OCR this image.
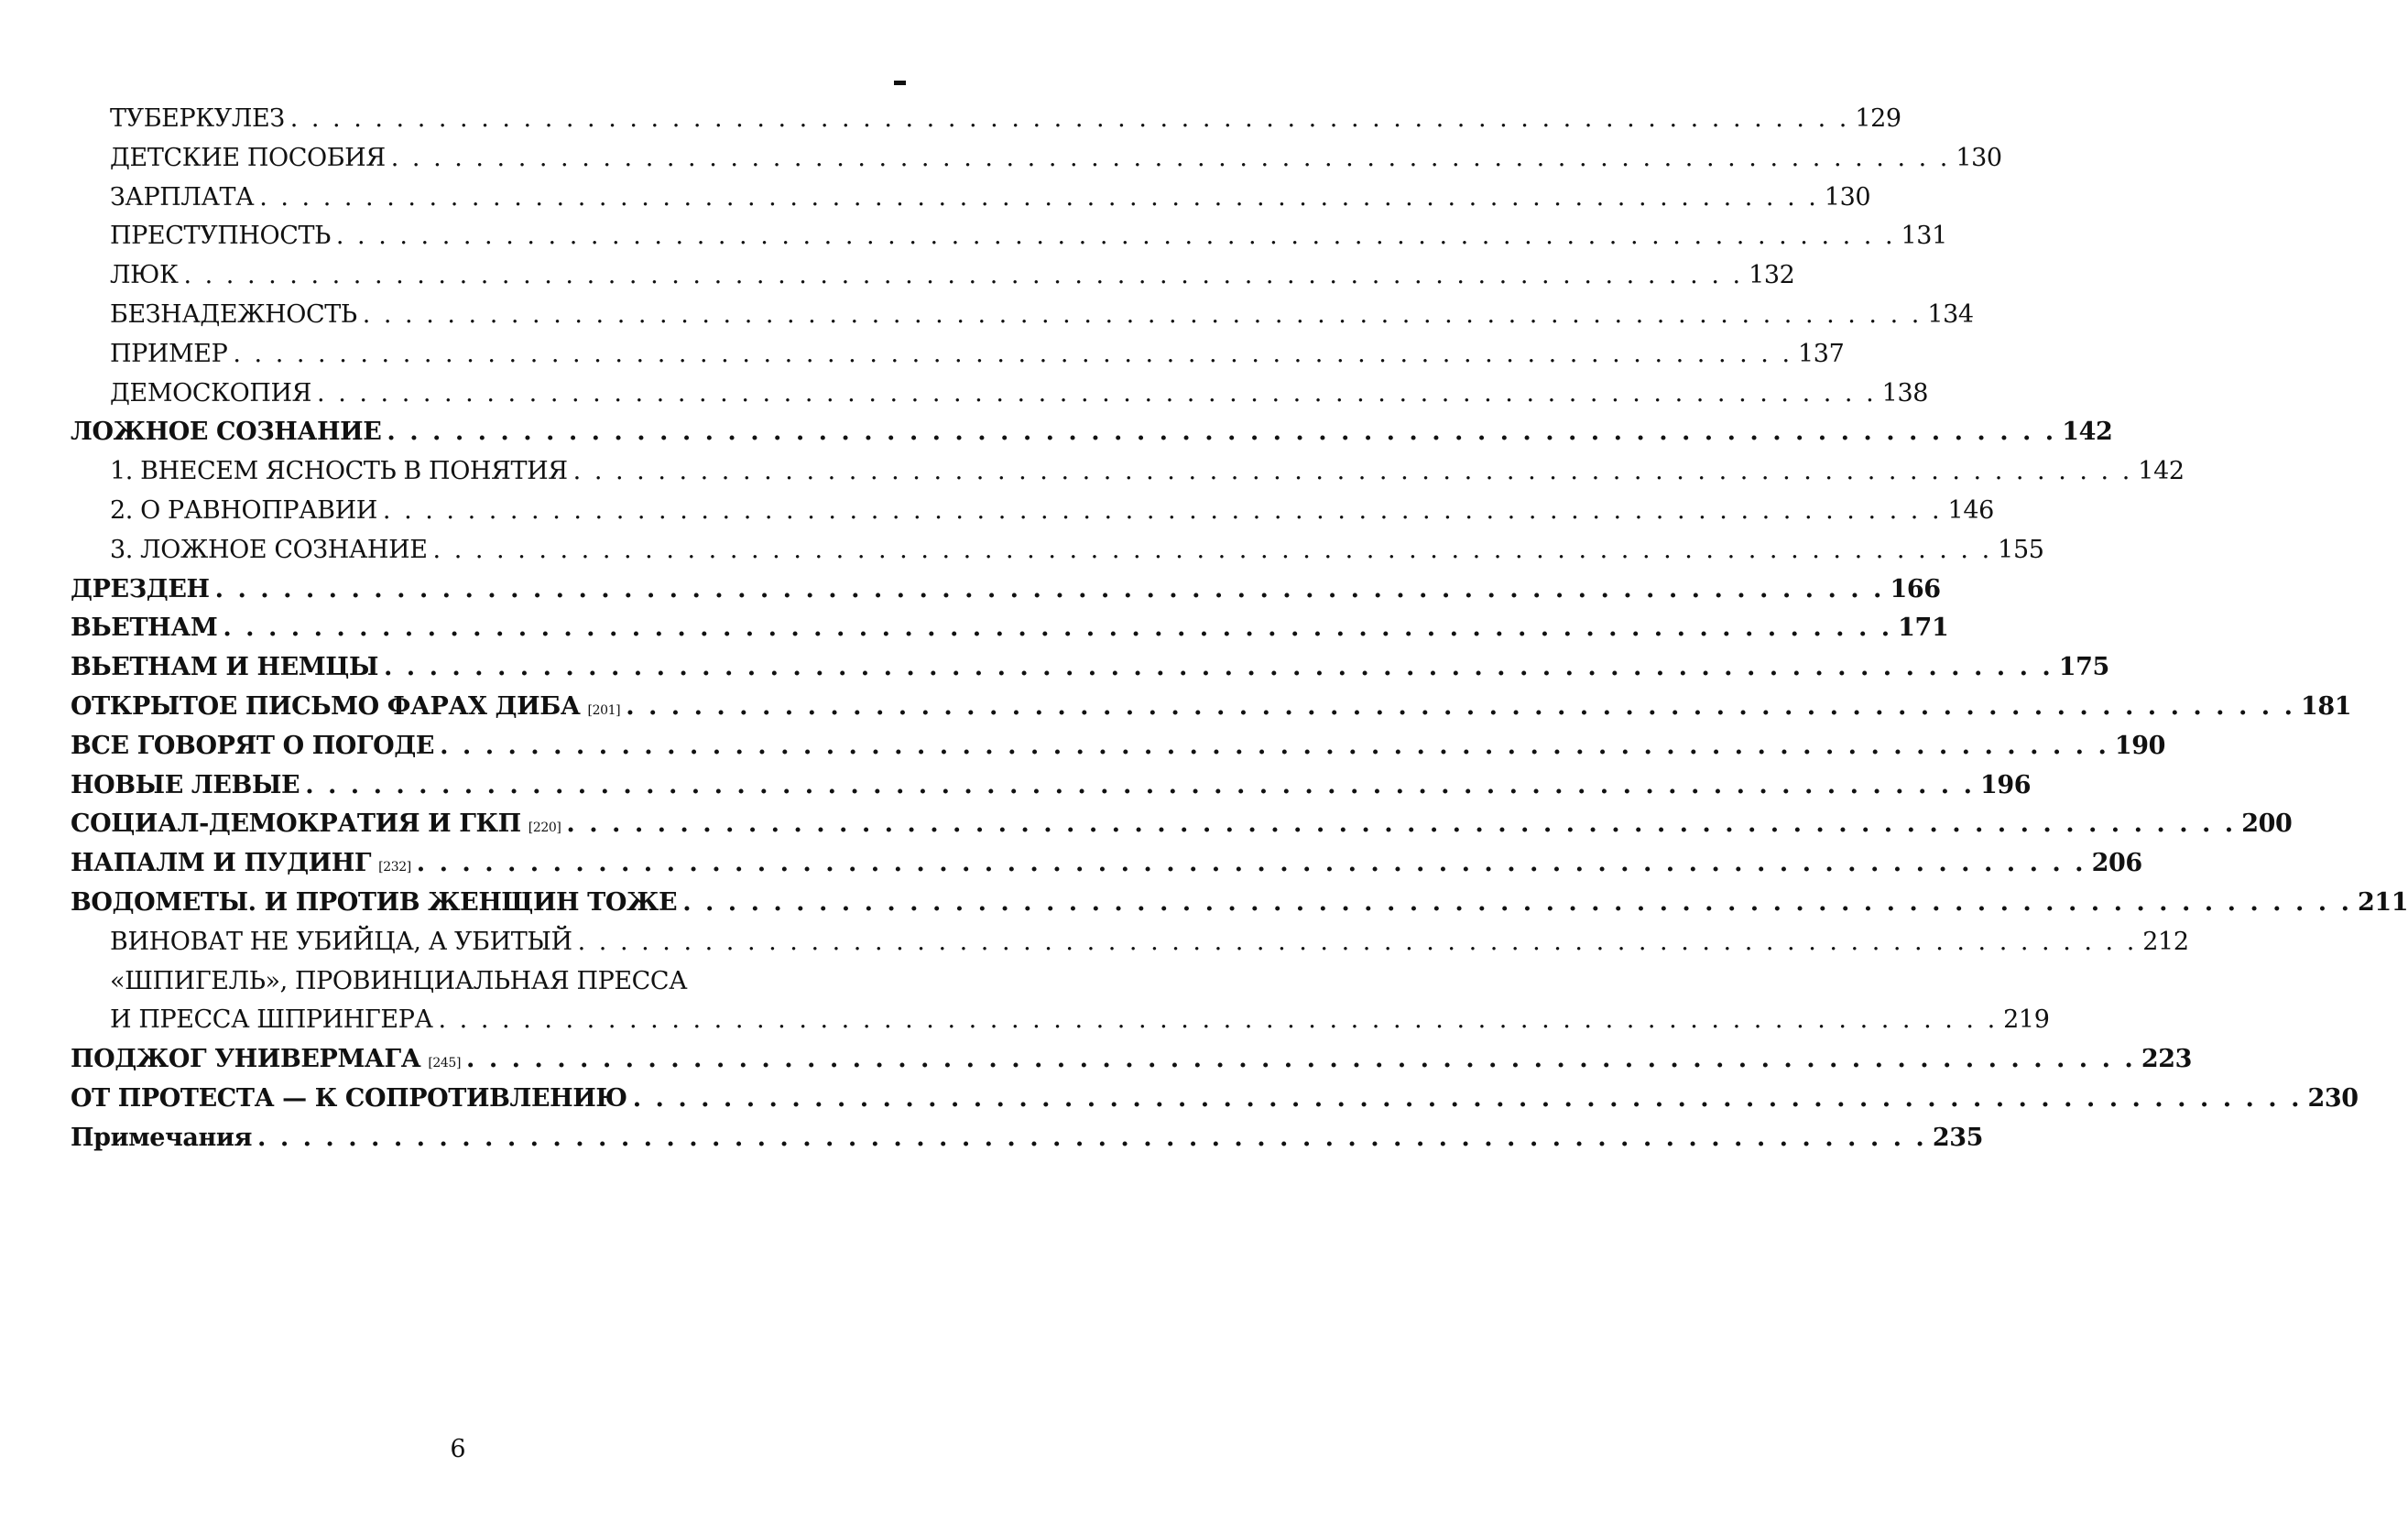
ТУБЕРКУЛЕЗ . . . . . . . . . . . . . . . . . . . . . . . . . . . . . . . . . . . . . . . . . . . . . . . . . . . . . . . . . . . . . . . . . . . . . . . . . . 129
ДЕТСКИЕ ПОСОБИЯ . . . . . . . . . . . . . . . . . . . . . . . . . . . . . . . . . . . . . . . . . . . . . . . . . . . . . . . . . . . . . . . . . . . . . . . . . . 130
ЗАРПЛАТА . . . . . . . . . . . . . . . . . . . . . . . . . . . . . . . . . . . . . . . . . . . . . . . . . . . . . . . . . . . . . . . . . . . . . . . . . . 130
ПРЕСТУПНОСТЬ . . . . . . . . . . . . . . . . . . . . . . . . . . . . . . . . . . . . . . . . . . . . . . . . . . . . . . . . . . . . . . . . . . . . . . . . . . 131
ЛЮК . . . . . . . . . . . . . . . . . . . . . . . . . . . . . . . . . . . . . . . . . . . . . . . . . . . . . . . . . . . . . . . . . . . . . . . . . . 132
БЕЗНАДЕЖНОСТЬ . . . . . . . . . . . . . . . . . . . . . . . . . . . . . . . . . . . . . . . . . . . . . . . . . . . . . . . . . . . . . . . . . . . . . . . . . . 134
ПРИМЕР . . . . . . . . . . . . . . . . . . . . . . . . . . . . . . . . . . . . . . . . . . . . . . . . . . . . . . . . . . . . . . . . . . . . . . . . . . 137
ДЕМОСКОПИЯ . . . . . . . . . . . . . . . . . . . . . . . . . . . . . . . . . . . . . . . . . . . . . . . . . . . . . . . . . . . . . . . . . . . . . . . . . . 138
ЛОЖНОЕ СОЗНАНИЕ . . . . . . . . . . . . . . . . . . . . . . . . . . . . . . . . . . . . . . . . . . . . . . . . . . . . . . . . . . . . . . . . . . . . . . . . . . 142
1. ВНЕСЕМ ЯСНОСТЬ В ПОНЯТИЯ . . . . . . . . . . . . . . . . . . . . . . . . . . . . . . . . . . . . . . . . . . . . . . . . . . . . . . . . . . . . . . . . . . . . . . . . . . 142
2. О РАВНОПРАВИИ . . . . . . . . . . . . . . . . . . . . . . . . . . . . . . . . . . . . . . . . . . . . . . . . . . . . . . . . . . . . . . . . . . . . . . . . . . 146
3. ЛОЖНОЕ СОЗНАНИЕ . . . . . . . . . . . . . . . . . . . . . . . . . . . . . . . . . . . . . . . . . . . . . . . . . . . . . . . . . . . . . . . . . . . . . . . . . . 155
ДРЕЗДЕН . . . . . . . . . . . . . . . . . . . . . . . . . . . . . . . . . . . . . . . . . . . . . . . . . . . . . . . . . . . . . . . . . . . . . . . . . . 166
ВЬЕТНАМ . . . . . . . . . . . . . . . . . . . . . . . . . . . . . . . . . . . . . . . . . . . . . . . . . . . . . . . . . . . . . . . . . . . . . . . . . . 171
ВЬЕТНАМ И НЕМЦЫ . . . . . . . . . . . . . . . . . . . . . . . . . . . . . . . . . . . . . . . . . . . . . . . . . . . . . . . . . . . . . . . . . . . . . . . . . . 175
ОТКРЫТОЕ ПИСЬМО ФАРАХ ДИБА [201] . . . . . . . . . . . . . . . . . . . . . . . . . . . . . . . . . . . . . . . . . . . . . . . . . . . . . . . . . . . . . . . . . . . . . . . . . . 181
ВСЕ ГОВОРЯТ О ПОГОДЕ . . . . . . . . . . . . . . . . . . . . . . . . . . . . . . . . . . . . . . . . . . . . . . . . . . . . . . . . . . . . . . . . . . . . . . . . . . 190
НОВЫЕ ЛЕВЫЕ . . . . . . . . . . . . . . . . . . . . . . . . . . . . . . . . . . . . . . . . . . . . . . . . . . . . . . . . . . . . . . . . . . . . . . . . . . 196
СОЦИАЛ-ДЕМОКРАТИЯ И ГКП [220] . . . . . . . . . . . . . . . . . . . . . . . . . . . . . . . . . . . . . . . . . . . . . . . . . . . . . . . . . . . . . . . . . . . . . . . . . . 200
НАПАЛМ И ПУДИНГ [232] . . . . . . . . . . . . . . . . . . . . . . . . . . . . . . . . . . . . . . . . . . . . . . . . . . . . . . . . . . . . . . . . . . . . . . . . . . 206
ВОДОМЕТЫ. И ПРОТИВ ЖЕНЩИН ТОЖЕ . . . . . . . . . . . . . . . . . . . . . . . . . . . . . . . . . . . . . . . . . . . . . . . . . . . . . . . . . . . . . . . . . . . . . . . . . . 211
ВИНОВАТ НЕ УБИЙЦА, А УБИТЫЙ . . . . . . . . . . . . . . . . . . . . . . . . . . . . . . . . . . . . . . . . . . . . . . . . . . . . . . . . . . . . . . . . . . . . . . . . . . 212
«ШПИГЕЛЬ», ПРОВИНЦИАЛЬНАЯ ПРЕССА
И ПРЕССА ШПРИНГЕРА . . . . . . . . . . . . . . . . . . . . . . . . . . . . . . . . . . . . . . . . . . . . . . . . . . . . . . . . . . . . . . . . . . . . . . . . . . 219
ПОДЖОГ УНИВЕРМАГА [245] . . . . . . . . . . . . . . . . . . . . . . . . . . . . . . . . . . . . . . . . . . . . . . . . . . . . . . . . . . . . . . . . . . . . . . . . . . 223
ОТ ПРОТЕСТА — К СОПРОТИВЛЕНИЮ . . . . . . . . . . . . . . . . . . . . . . . . . . . . . . . . . . . . . . . . . . . . . . . . . . . . . . . . . . . . . . . . . . . . . . . . . . 230
Примечания . . . . . . . . . . . . . . . . . . . . . . . . . . . . . . . . . . . . . . . . . . . . . . . . . . . . . . . . . . . . . . . . . . . . . . . . . . 235
6
